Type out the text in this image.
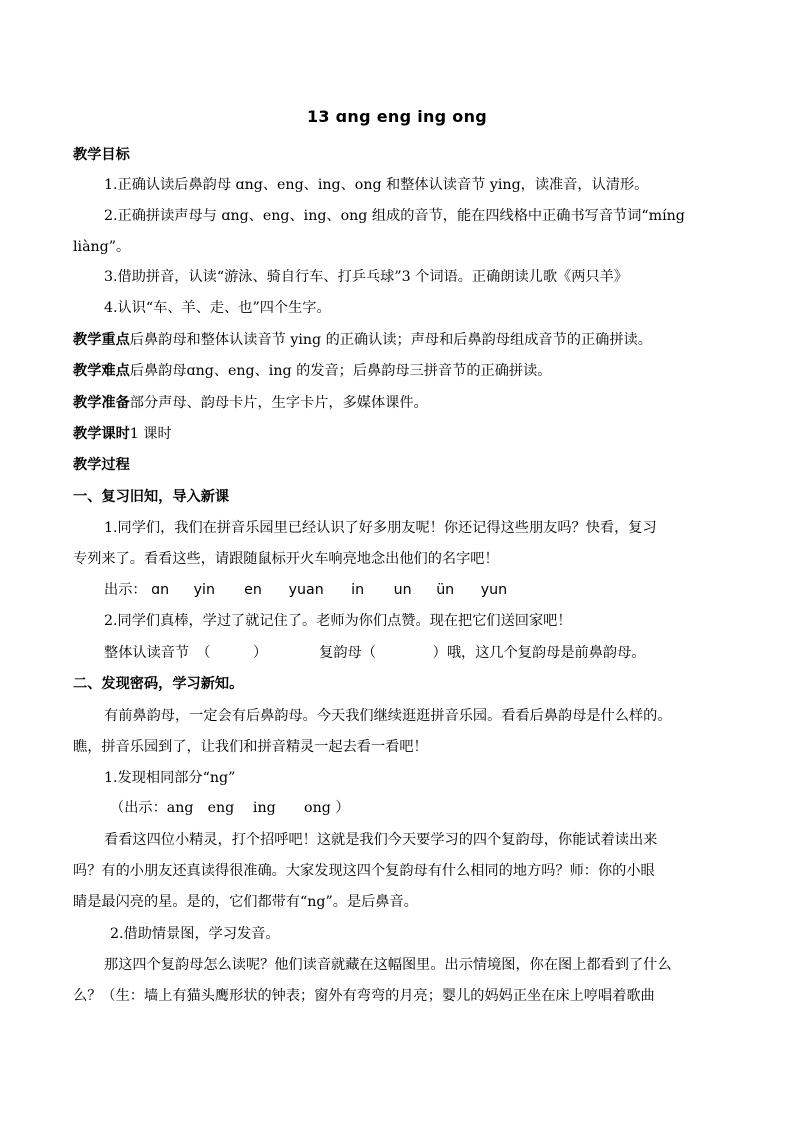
13 ɑng eng ing ong
教学目标
1.正确认读后鼻韵母 ɑng、eng、ing、ong 和整体认读音节 ying，读准音，认清形。
2.正确拼读声母与 ɑng、eng、ing、ong 组成的音节，能在四线格中正确书写音节词“míng
liàng”。
3.借助拼音，认读“游泳、骑自行车、打乒乓球”3 个词语。正确朗读儿歌《两只羊》
4.认识“车、羊、走、也”四个生字。
教学重点后鼻韵母和整体认读音节 ying 的正确认读；声母和后鼻韵母组成音节的正确拼读。
教学难点后鼻韵母ɑng、eng、ing 的发音；后鼻韵母三拼音节的正确拼读。
教学准备部分声母、韵母卡片，生字卡片，多媒体课件。
教学课时1 课时
教学过程
一、复习旧知，导入新课
1.同学们，我们在拼音乐园里已经认识了好多朋友呢！你还记得这些朋友吗？快看，复习
专列来了。看看这些，请跟随鼠标开火车响亮地念出他们的名字吧！
出示： ɑn yin en yuan in un ün yun
2.同学们真棒，学过了就记住了。老师为你们点赞。现在把它们送回家吧！
整体认读音节　（　　　）	复韵母（　　　　）哦，这几个复韵母是前鼻韵母。
二、发现密码，学习新知。
有前鼻韵母，一定会有后鼻韵母。今天我们继续逛逛拼音乐园。看看后鼻韵母是什么样的。
瞧，拼音乐园到了，让我们和拼音精灵一起去看一看吧！
1.发现相同部分“ng”
（出示：ang　eng　 ing　　ong ）
看看这四位小精灵，打个招呼吧！这就是我们今天要学习的四个复韵母，你能试着读出来
吗？有的小朋友还真读得很准确。大家发现这四个复韵母有什么相同的地方吗？师：你的小眼
睛是最闪亮的星。是的，它们都带有“ng”。是后鼻音。
2.借助情景图，学习发音。
那这四个复韵母怎么读呢？他们读音就藏在这幅图里。出示情境图，你在图上都看到了什么
么？（生：墙上有猫头鹰形状的钟表；窗外有弯弯的月亮；婴儿的妈妈正坐在床上哼唱着歌曲
